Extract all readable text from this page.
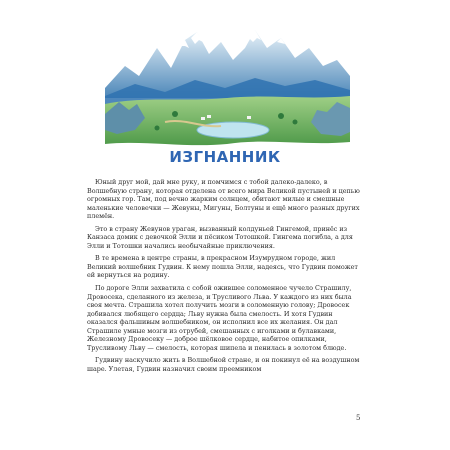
ИЗГНАННИК

Юный друг мой, дай мне руку, и помчимся с тобой далеко-далеко, в Волшебную страну, которая отделена от всего мира Великой пустыней и цепью огромных гор. Там, под вечно жарким солнцем, обитают милые и смешные маленькие человечки — Жевуны, Мигуны, Болтуны и ещё много разных других племён.

Это в страну Жевунов ураган, вызванный колдуньей Гингемой, принёс из Канзаса домик с девочкой Элли и пёсиком Тотошкой. Гингема погибла, а для Элли и Тотошки начались необычайные приключения.

В те времена в центре страны, в прекрасном Изумрудном городе, жил Великий волшебник Гудвин. К нему пошла Элли, надеясь, что Гудвин поможет ей вернуться на родину.

По дороге Элли захватила с собой ожившее соломенное чучело Страшилу, Дровосека, сделанного из железа, и Трусливого Льва. У каждого из них была своя мечта. Страшила хотел получить мозги в соломенную голову; Дровосек добивался любящего сердца; Льву нужна была смелость. И хотя Гудвин оказался фальшивым волшебником, он исполнил все их желания. Он дал Страшиле умные мозги из отрубей, смешанных с иголками и булавками, Железному Дровосеку — доброе шёлковое сердце, набитое опилками, Трусливому Льву — смелость, которая шипела и пенилась в золотом блюде.

Гудвину наскучило жить в Волшебной стране, и он покинул её на воздушном шаре. Улетая, Гудвин назначил своим преемником

5
